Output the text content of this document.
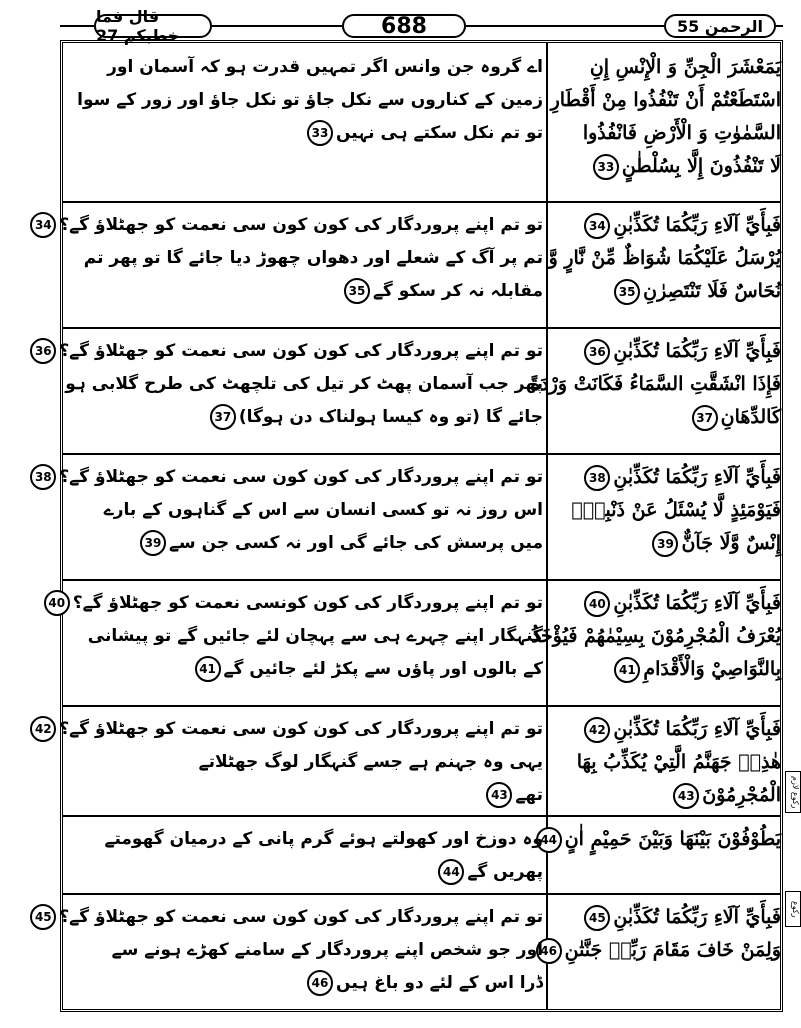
قال فما خطبکم 27	688	الرحمن 55
يَمَعْشَرَ الْجِنِّ وَ الْإِنْسِ إِنِ
اسْتَطَعْتُمْ أَنْ تَنْفُذُوا مِنْ أَقْطَارِ
السَّمٰوٰتِ وَ الْأَرْضِ فَانْفُذُوا
لَا تَنْفُذُونَ إِلَّا بِسُلْطٰنٍ33
اے گروہ جن وانس اگر تمہیں قدرت ہو کہ آسمان اور
زمین کے کناروں سے نکل جاؤ تو نکل جاؤ اور زور کے سوا
تو تم نکل سکتے ہی نہیں33
فَبِأَيِّ آلَاءِ رَبِّكُمَا تُكَذِّبٰنِ34
يُرْسَلُ عَلَيْكُمَا شُوَاظٌ مِّنْ نَّارٍ وَّ
نُحَاسٌ فَلَا تَنْتَصِرٰنِ35
تو تم اپنے پروردگار کی کون کون سی نعمت کو جھٹلاؤ گے؟34
تم پر آگ کے شعلے اور دھواں چھوڑ دیا جائے گا تو پھر تم
مقابلہ نہ کر سکو گے35
فَبِأَيِّ آلَاءِ رَبِّكُمَا تُكَذِّبٰنِ36
فَإِذَا انْشَقَّتِ السَّمَاءُ فَكَانَتْ وَرْدَةً
كَالدِّهَانِ37
تو تم اپنے پروردگار کی کون کون سی نعمت کو جھٹلاؤ گے؟36
پھر جب آسمان پھٹ کر تیل کی تلچھٹ کی طرح گلابی ہو
جائے گا (تو وہ کیسا ہولناک دن ہوگا)37
فَبِأَيِّ آلَاءِ رَبِّكُمَا تُكَذِّبٰنِ38
فَيَوْمَئِذٍ لَّا يُسْئَلُ عَنْ ذَنْبِهٖٓ
إِنْسٌ وَّلَا جَآنٌّ39
تو تم اپنے پروردگار کی کون کون سی نعمت کو جھٹلاؤ گے؟38
اس روز نہ تو کسی انسان سے اس کے گناہوں کے بارے
میں پرسش کی جائے گی اور نہ کسی جن سے39
فَبِأَيِّ آلَاءِ رَبِّكُمَا تُكَذِّبٰنِ40
يُعْرَفُ الْمُجْرِمُوْنَ بِسِيْمٰهُمْ فَيُؤْخَذُ
بِالنَّوَاصِيْ وَالْأَقْدَامِ41
تو تم اپنے پروردگار کی کون کونسی نعمت کو جھٹلاؤ گے؟40
گنہگار اپنے چہرے ہی سے پہچان لئے جائیں گے تو پیشانی
کے بالوں اور پاؤں سے پکڑ لئے جائیں گے41
فَبِأَيِّ آلَاءِ رَبِّكُمَا تُكَذِّبٰنِ42
هٰذِهٖ جَهَنَّمُ الَّتِيْ يُكَذِّبُ بِهَا
الْمُجْرِمُوْنَ43
تو تم اپنے پروردگار کی کون کون سی نعمت کو جھٹلاؤ گے؟42
یہی وہ جہنم ہے جسے گنہگار لوگ جھٹلاتے
تھے43	رکوع لازم
يَطُوْفُوْنَ بَيْنَهَا وَبَيْنَ حَمِيْمٍ اٰنٍ44
وہ دوزخ اور کھولتے ہوئے گرم پانی کے درمیان گھومتے
پھریں گے44
فَبِأَيِّ آلَاءِ رَبِّكُمَا تُكَذِّبٰنِ45
وَلِمَنْ خَافَ مَقَامَ رَبِّهٖ جَنَّتٰنِ46
تو تم اپنے پروردگار کی کون کون سی نعمت کو جھٹلاؤ گے؟45
اور جو شخص اپنے پروردگار کے سامنے کھڑے ہونے سے
ڈرا اس کے لئے دو باغ ہیں46
رکوع
